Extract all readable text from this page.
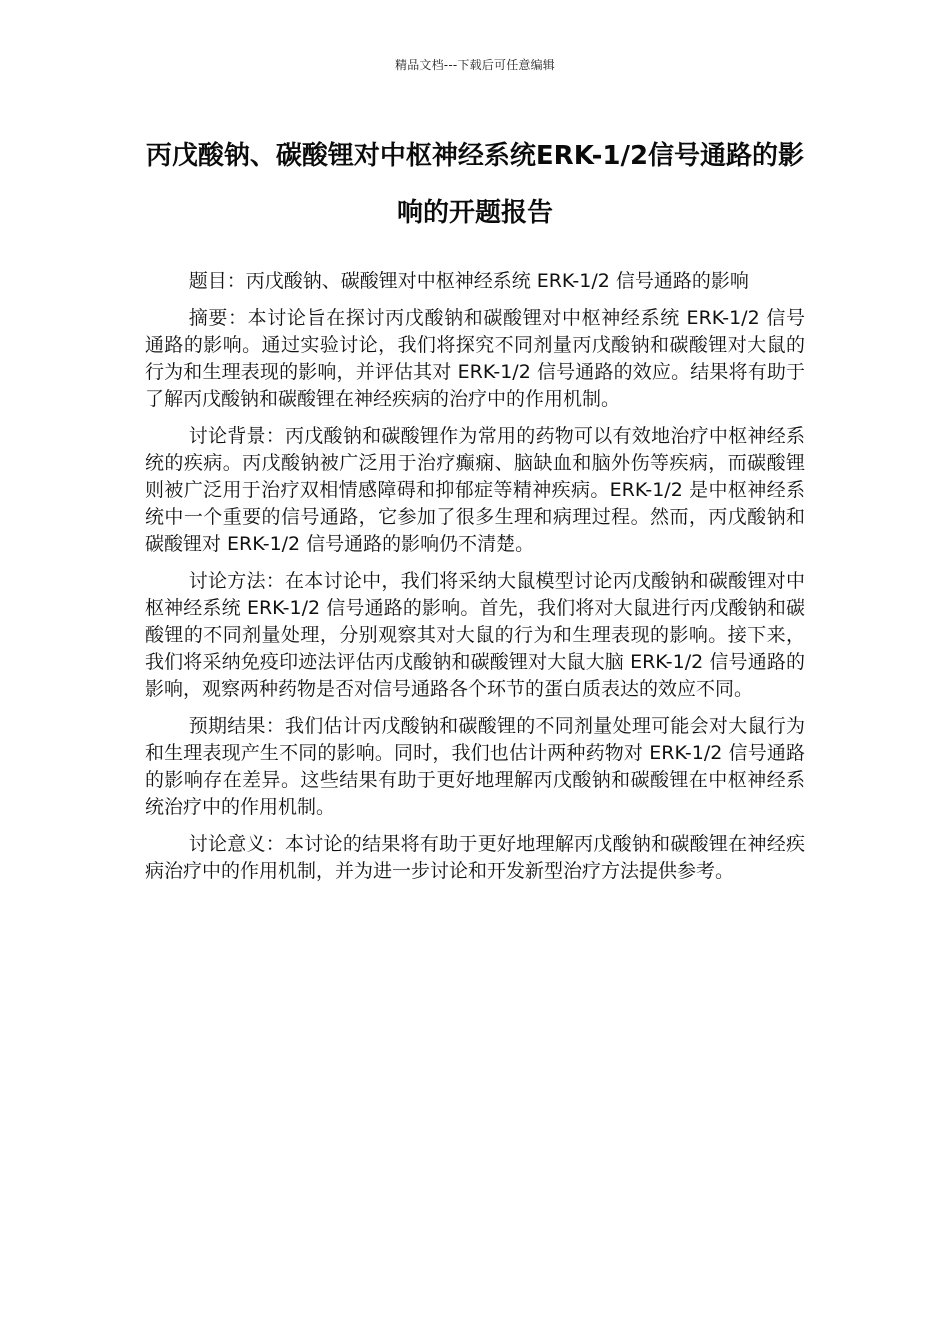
精品文档---下载后可任意编辑
丙戊酸钠、碳酸锂对中枢神经系统ERK-1/2信号通路的影响的开题报告

题目：丙戊酸钠、碳酸锂对中枢神经系统 ERK-1/2 信号通路的影响

摘要：本讨论旨在探讨丙戊酸钠和碳酸锂对中枢神经系统 ERK-1/2 信号通路的影响。通过实验讨论，我们将探究不同剂量丙戊酸钠和碳酸锂对大鼠的行为和生理表现的影响，并评估其对 ERK-1/2 信号通路的效应。结果将有助于了解丙戊酸钠和碳酸锂在神经疾病的治疗中的作用机制。

讨论背景：丙戊酸钠和碳酸锂作为常用的药物可以有效地治疗中枢神经系统的疾病。丙戊酸钠被广泛用于治疗癫痫、脑缺血和脑外伤等疾病，而碳酸锂则被广泛用于治疗双相情感障碍和抑郁症等精神疾病。ERK-1/2 是中枢神经系统中一个重要的信号通路，它参加了很多生理和病理过程。然而，丙戊酸钠和碳酸锂对 ERK-1/2 信号通路的影响仍不清楚。

讨论方法：在本讨论中，我们将采纳大鼠模型讨论丙戊酸钠和碳酸锂对中枢神经系统 ERK-1/2 信号通路的影响。首先，我们将对大鼠进行丙戊酸钠和碳酸锂的不同剂量处理，分别观察其对大鼠的行为和生理表现的影响。接下来，我们将采纳免疫印迹法评估丙戊酸钠和碳酸锂对大鼠大脑 ERK-1/2 信号通路的影响，观察两种药物是否对信号通路各个环节的蛋白质表达的效应不同。

预期结果：我们估计丙戊酸钠和碳酸锂的不同剂量处理可能会对大鼠行为和生理表现产生不同的影响。同时，我们也估计两种药物对 ERK-1/2 信号通路的影响存在差异。这些结果有助于更好地理解丙戊酸钠和碳酸锂在中枢神经系统治疗中的作用机制。

讨论意义：本讨论的结果将有助于更好地理解丙戊酸钠和碳酸锂在神经疾病治疗中的作用机制，并为进一步讨论和开发新型治疗方法提供参考。
